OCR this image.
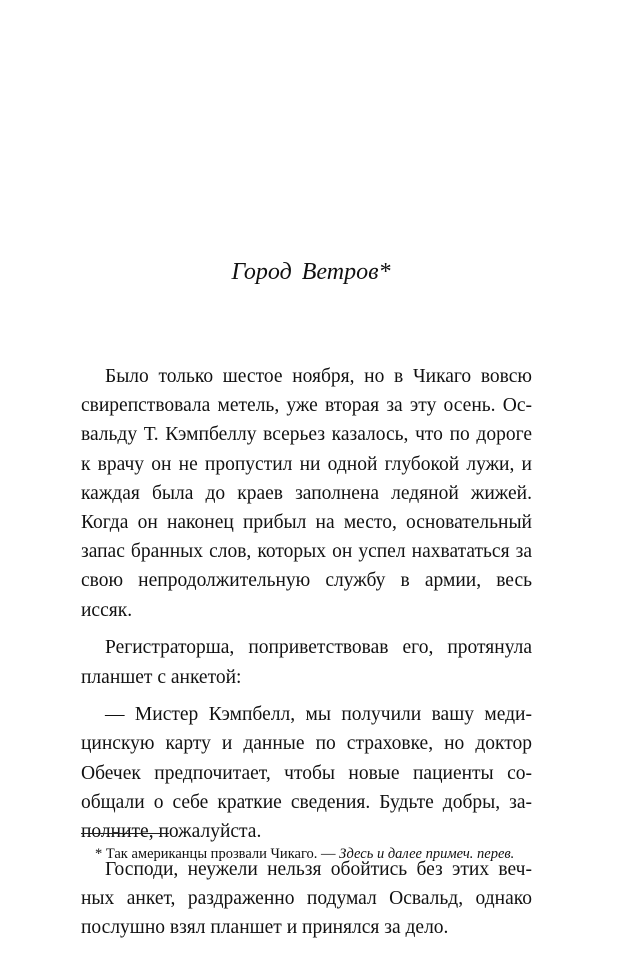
Город Ветров*

Было только шестое ноября, но в Чикаго вовсю свирепствовала метель, уже вторая за эту осень. Освальду Т. Кэмпбеллу всерьез казалось, что по дороге к врачу он не пропустил ни одной глубокой лужи, и каждая была до краев заполнена ледяной жижей. Когда он наконец прибыл на место, основательный запас бранных слов, которых он успел нахвататься за свою непродолжительную службу в армии, весь иссяк.

Регистраторша, поприветствовав его, протянула планшет с анкетой:

— Мистер Кэмпбелл, мы получили вашу медицинскую карту и данные по страховке, но доктор Обечек предпочитает, чтобы новые пациенты сообщали о себе краткие сведения. Будьте добры, заполните, пожалуйста.

Господи, неужели нельзя обойтись без этих вечных анкет, раздраженно подумал Освальд, однако послушно взял планшет и принялся за дело.

* Так американцы прозвали Чикаго. — Здесь и далее примеч. перев.
